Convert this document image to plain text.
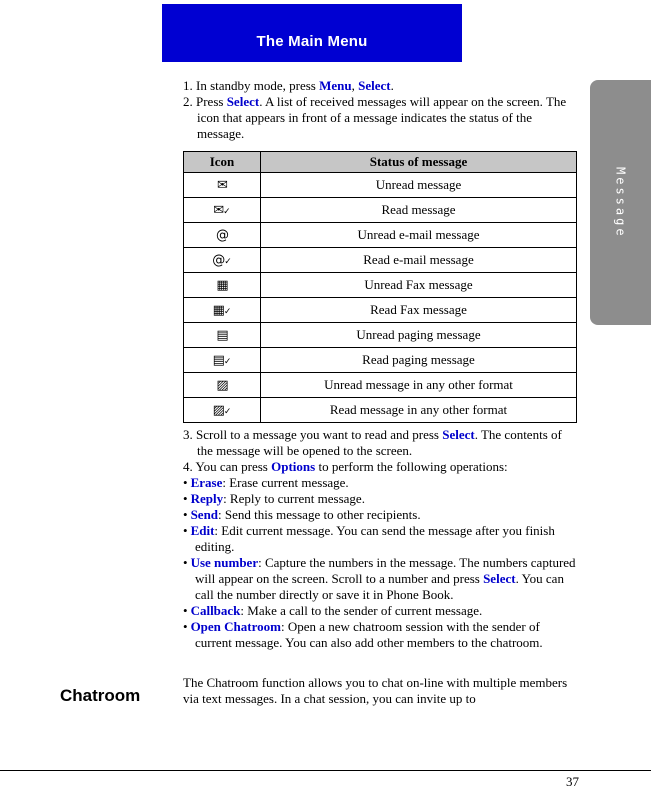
The Main Menu
Message

1. In standby mode, press Menu, Select.

2. Press Select. A list of received messages will appear on the screen. The icon that appears in front of a message indicates the status of the message.

Icon	Status of message

✉	Unread message

✉ ✓	Read message

@	Unread e-mail message

@ ✓	Read e-mail message

▦	Unread Fax message

▦ ✓	Read Fax message

▤	Unread paging message

▤ ✓	Read paging message

▨	Unread message in any other format

▨ ✓	Read message in any other format

3. Scroll to a message you want to read and press Select. The contents of the message will be opened to the screen.

4. You can press Options to perform the following operations:

• Erase: Erase current message.
• Reply: Reply to current message.
• Send: Send this message to other recipients.
• Edit: Edit current message. You can send the message after you finish editing.
• Use number: Capture the numbers in the message. The numbers captured will appear on the screen. Scroll to a number and press Select. You can call the number directly or save it in Phone Book.
• Callback: Make a call to the sender of current message.
• Open Chatroom: Open a new chatroom session with the sender of current message. You can also add other members to the chatroom.

The Chatroom function allows you to chat on-line with multiple members via text messages. In a chat session, you can invite up to

Chatroom
37
